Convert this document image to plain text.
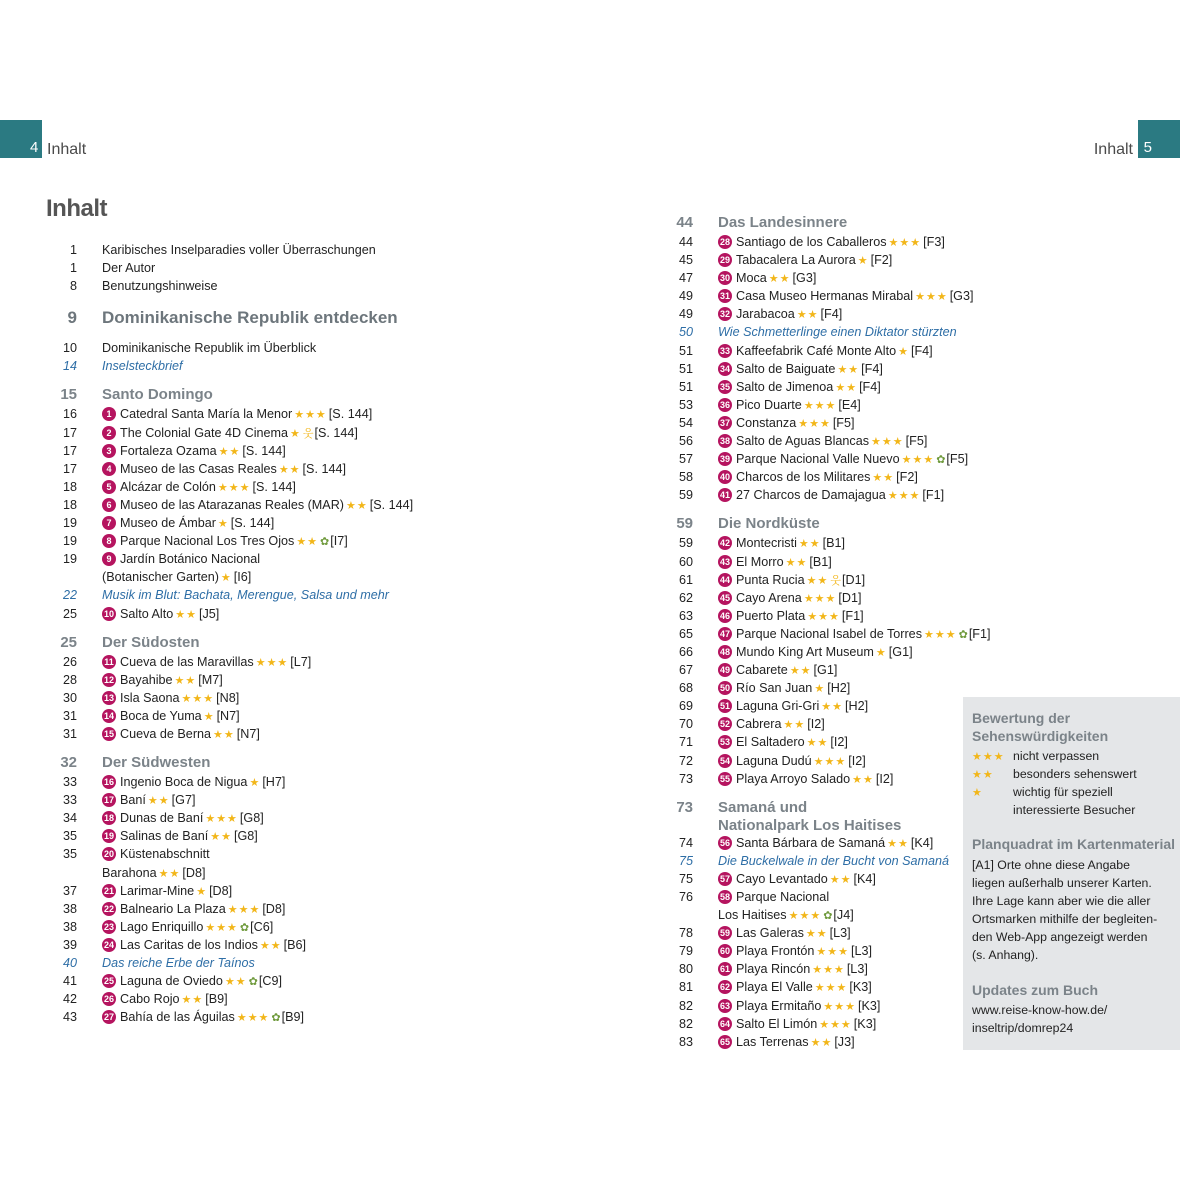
4 Inhalt	5
Inhalt
Inhalt
1 Karibisches Inselparadies voller Überraschungen
1 Der Autor
8 Benutzungshinweise
9 Dominikanische Republik entdecken
10 Dominikanische Republik im Überblick
14 Inselsteckbrief
15 Santo Domingo
16	1 Catedral Santa María la Menor ★★★ [S. 144]
17	2 The Colonial Gate 4D Cinema ★ 웃[S. 144]
17	3 Fortaleza Ozama ★★ [S. 144]
17	4 Museo de las Casas Reales ★★ [S. 144]
18	5 Alcázar de Colón ★★★ [S. 144]
18	6 Museo de las Atarazanas Reales (MAR) ★★ [S. 144]
19	7 Museo de Ámbar ★ [S. 144]
19	8 Parque Nacional Los Tres Ojos ★★ ✿[I7]
19	9 Jardín Botánico Nacional
(Botanischer Garten) ★ [I6]
22 Musik im Blut: Bachata, Merengue, Salsa und mehr
25	10 Salto Alto ★★ [J5]
25 Der Südosten
26	11 Cueva de las Maravillas ★★★ [L7]
28	12 Bayahibe ★★ [M7]
30	13 Isla Saona ★★★ [N8]
31	14 Boca de Yuma ★ [N7]
31	15 Cueva de Berna ★★ [N7]
32 Der Südwesten
33	16 Ingenio Boca de Nigua ★ [H7]
33	17 Baní ★★ [G7]
34	18 Dunas de Baní ★★★ [G8]
35	19 Salinas de Baní ★★ [G8]
35	20 Küstenabschnitt
Barahona ★★ [D8]
37	21 Larimar-Mine ★ [D8]
38	22 Balneario La Plaza ★★★ [D8]
38	23 Lago Enriquillo ★★★ ✿[C6]
39	24 Las Caritas de los Indios ★★ [B6]
40 Das reiche Erbe der Taínos
41	25 Laguna de Oviedo ★★ ✿[C9]
42	26 Cabo Rojo ★★ [B9]
43	27 Bahía de las Águilas ★★★ ✿[B9]
44 Das Landesinnere
44	28 Santiago de los Caballeros ★★★ [F3]
45	29 Tabacalera La Aurora ★ [F2]
47	30 Moca ★★ [G3]
49	31 Casa Museo Hermanas Mirabal ★★★ [G3]
49	32 Jarabacoa ★★ [F4]
50 Wie Schmetterlinge einen Diktator stürzten
51	33 Kaffeefabrik Café Monte Alto ★ [F4]
51	34 Salto de Baiguate ★★ [F4]
51	35 Salto de Jimenoa ★★ [F4]
53	36 Pico Duarte ★★★ [E4]
54	37 Constanza ★★★ [F5]
56	38 Salto de Aguas Blancas ★★★ [F5]
57	39 Parque Nacional Valle Nuevo ★★★ ✿[F5]
58	40 Charcos de los Militares ★★ [F2]
59	41 27 Charcos de Damajagua ★★★ [F1]
59 Die Nordküste
59	42 Montecristi ★★ [B1]
60	43 El Morro ★★ [B1]
61	44 Punta Rucia ★★ 웃[D1]
62	45 Cayo Arena ★★★ [D1]
63	46 Puerto Plata ★★★ [F1]
65	47 Parque Nacional Isabel de Torres ★★★ ✿[F1]
66	48 Mundo King Art Museum ★ [G1]
67	49 Cabarete ★★ [G1]
68	50 Río San Juan ★ [H2]
69	51 Laguna Gri-Gri ★★ [H2]
70	52 Cabrera ★★ [I2]
71	53 El Saltadero ★★ [I2]
72	54 Laguna Dudú ★★★ [I2]
73	55 Playa Arroyo Salado ★★ [I2]
73 Samaná und
Nationalpark Los Haitises
74	56 Santa Bárbara de Samaná ★★ [K4]
75 Die Buckelwale in der Bucht von Samaná
75	57 Cayo Levantado ★★ [K4]
76	58 Parque Nacional
Los Haitises ★★★ ✿[J4]
78	59 Las Galeras ★★ [L3]
79	60 Playa Frontón ★★★ [L3]
80	61 Playa Rincón ★★★ [L3]
81	62 Playa El Valle ★★★ [K3]
82	63 Playa Ermitaño ★★★ [K3]
82	64 Salto El Limón ★★★ [K3]
83	65 Las Terrenas ★★ [J3]
Bewertung der
Sehenswürdigkeiten
★★★ nicht verpassen
★★ besonders sehenswert
★ wichtig für speziell
interessierte Besucher
Planquadrat im Kartenmaterial
[A1] Orte ohne diese Angabe
liegen außerhalb unserer Karten.
Ihre Lage kann aber wie die aller
Ortsmarken mithilfe der begleiten-
den Web-App angezeigt werden
(s. Anhang).
Updates zum Buch
www.reise-know-how.de/
inseltrip/domrep24
